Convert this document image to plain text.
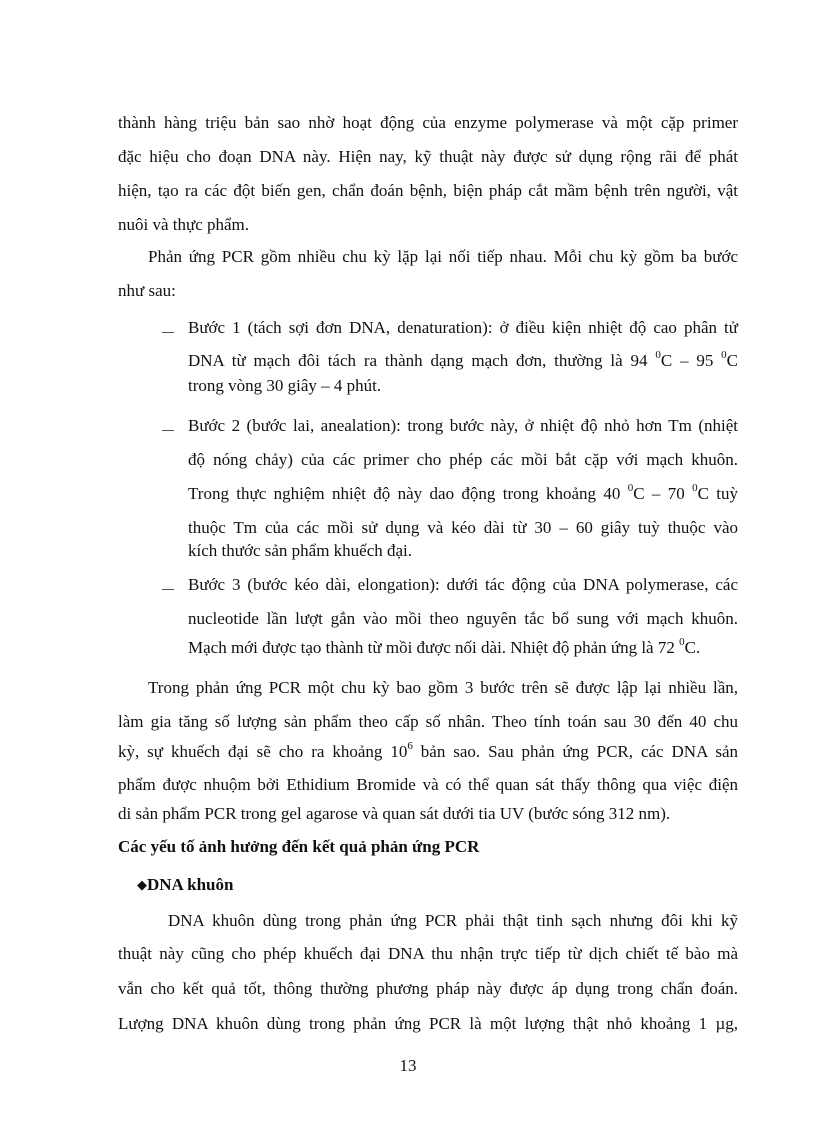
thành hàng triệu bản sao nhờ hoạt động của enzyme polymerase và một cặp primer
đặc hiệu cho đoạn DNA này. Hiện nay, kỹ thuật này được sử dụng rộng rãi để phát
hiện, tạo ra các đột biến gen, chẩn đoán bệnh, biện pháp cắt mầm bệnh trên người, vật
nuôi và thực phẩm.
Phản ứng PCR gồm nhiều chu kỳ lặp lại nối tiếp nhau. Mỗi chu kỳ gồm ba bước
như sau:
Bước 1 (tách sợi đơn DNA, denaturation): ở điều kiện nhiệt độ cao phân tử
DNA từ mạch đôi tách ra thành dạng mạch đơn, thường là 94 $^0$C – 95 $^0$C
trong vòng 30 giây – 4 phút.
Bước 2 (bước lai, anealation): trong bước này, ở nhiệt độ nhỏ hơn Tm (nhiệt
độ nóng chảy) của các primer cho phép các mồi bắt cặp với mạch khuôn.
Trong thực nghiệm nhiệt độ này dao động trong khoảng 40 $^0$C – 70 $^0$C tuỳ
thuộc Tm của các mồi sử dụng và kéo dài từ 30 – 60 giây tuỳ thuộc vào
kích thước sản phẩm khuếch đại.
Bước 3 (bước kéo dài, elongation): dưới tác động của DNA polymerase, các
nucleotide lần lượt gắn vào mồi theo nguyên tắc bổ sung với mạch khuôn.
Mạch mới được tạo thành từ mồi được nối dài. Nhiệt độ phản ứng là 72 $^0$C.
Trong phản ứng PCR một chu kỳ bao gồm 3 bước trên sẽ được lập lại nhiều lần,
làm gia tăng số lượng sản phẩm theo cấp số nhân. Theo tính toán sau 30 đến 40 chu
kỳ, sự khuếch đại sẽ cho ra khoảng $10^6$ bản sao. Sau phản ứng PCR, các DNA sản
phẩm được nhuộm bởi Ethidium Bromide và có thể quan sát thấy thông qua việc điện
di sản phẩm PCR trong gel agarose và quan sát dưới tia UV (bước sóng 312 nm).
Các yếu tố ảnh hưởng đến kết quả phản ứng PCR
◆DNA khuôn
DNA khuôn dùng trong phản ứng PCR phải thật tinh sạch nhưng đôi khi kỹ
thuật này cũng cho phép khuếch đại DNA thu nhận trực tiếp từ dịch chiết tế bào mà
vẫn cho kết quả tốt, thông thường phương pháp này được áp dụng trong chẩn đoán.
Lượng DNA khuôn dùng trong phản ứng PCR là một lượng thật nhỏ khoảng 1 µg,
13
